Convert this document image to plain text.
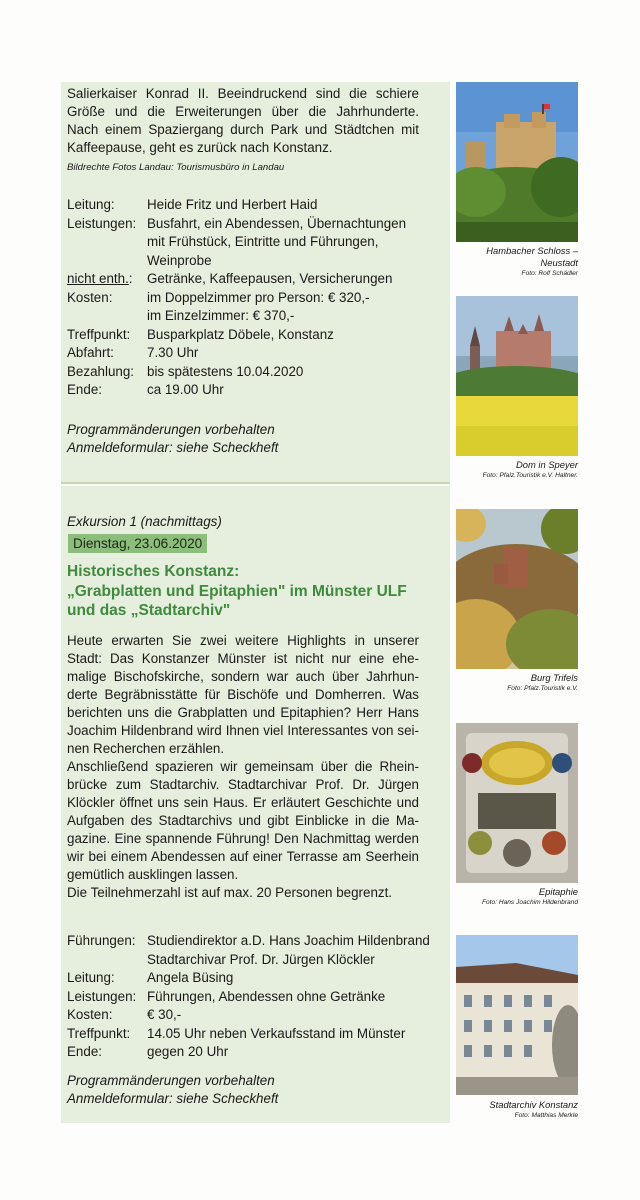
Salierkaiser Konrad II. Beeindruckend sind die schiere
Größe und die Erweiterungen über die Jahrhunderte.
Nach einem Spaziergang durch Park und Städtchen mit
Kaffeepause, geht es zurück nach Konstanz.
Bildrechte Fotos Landau: Tourismusbüro in Landau
Leitung:	Heide Fritz und Herbert Haid
Leistungen: Busfahrt, ein Abendessen, Übernachtungen
mit Frühstück, Eintritte und Führungen,
Weinprobe
nicht enth.:	Getränke, Kaffeepausen, Versicherungen
Kosten:	im Doppelzimmer pro Person: € 320,-
im Einzelzimmer: € 370,-
Treffpunkt:	Busparkplatz Döbele, Konstanz
Abfahrt:	7.30 Uhr
Bezahlung: bis spätestens 10.04.2020
Ende:	ca 19.00 Uhr
Programmänderungen vorbehalten
Anmeldeformular: siehe Scheckheft
Exkursion 1 (nachmittags)
Dienstag, 23.06.2020
Historisches Konstanz:
„Grabplatten und Epitaphien" im Münster ULF
und das „Stadtarchiv"
Heute erwarten Sie zwei weitere Highlights in unserer
Stadt: Das Konstanzer Münster ist nicht nur eine ehe-
malige Bischofskirche, sondern war auch über Jahrhun-
derte Begräbnisstätte für Bischöfe und Domherren. Was
berichten uns die Grabplatten und Epitaphien? Herr Hans
Joachim Hildenbrand wird Ihnen viel Interessantes von sei-
nen Recherchen erzählen.
Anschließend spazieren wir gemeinsam über die Rhein-
brücke zum Stadtarchiv. Stadtarchivar Prof. Dr. Jürgen
Klöckler öffnet uns sein Haus. Er erläutert Geschichte und
Aufgaben des Stadtarchivs und gibt Einblicke in die Ma-
gazine. Eine spannende Führung! Den Nachmittag werden
wir bei einem Abendessen auf einer Terrasse am Seerhein
gemütlich ausklingen lassen.
Die Teilnehmerzahl ist auf max. 20 Personen begrenzt.
Führungen: Studiendirektor a.D. Hans Joachim Hildenbrand
Stadtarchivar Prof. Dr. Jürgen Klöckler
Leitung:	Angela Büsing
Leistungen: Führungen, Abendessen ohne Getränke
Kosten:	€ 30,-
Treffpunkt:	14.05 Uhr neben Verkaufsstand im Münster
Ende:	gegen 20 Uhr
Programmänderungen vorbehalten
Anmeldeformular: siehe Scheckheft
Hambacher Schloss –
Neustadt
Foto: Rolf Schädler
Dom in Speyer
Foto: Pfalz.Touristik e.V. Haltner.
Burg Trifels
Foto: Pfalz.Touristik e.V.
Epitaphie
Foto: Hans Joachim Hildenbrand
Stadtarchiv Konstanz
Foto: Matthias Merkle
